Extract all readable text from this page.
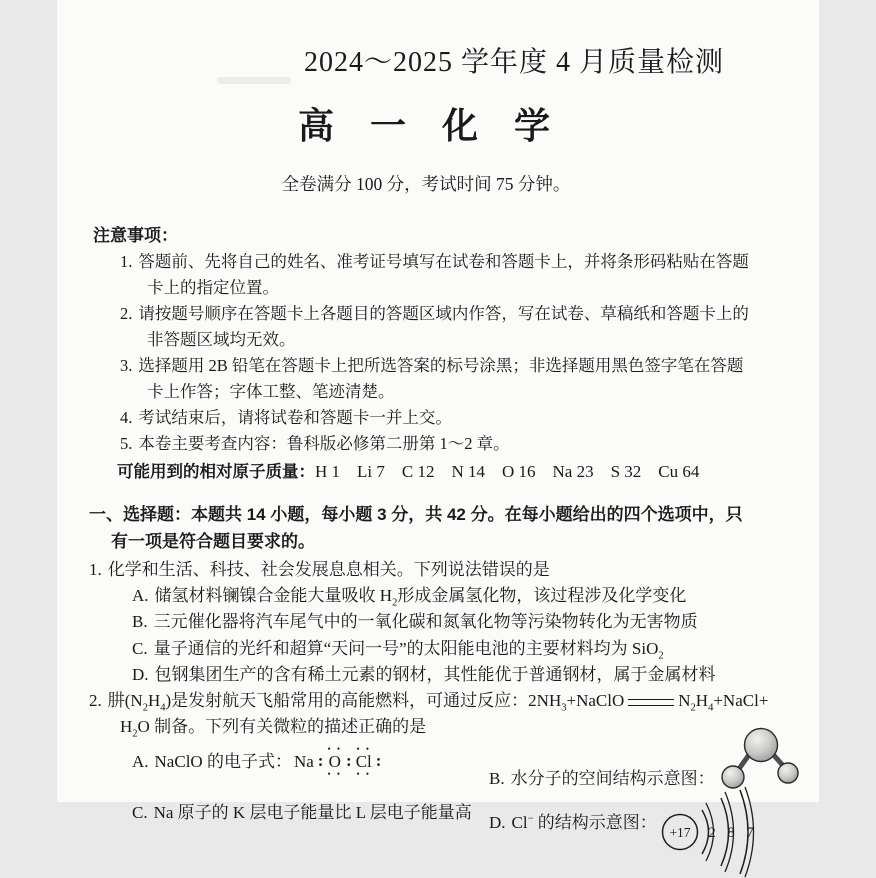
2024～2025 学年度 4 月质量检测
高　一　化　学
全卷满分 100 分，考试时间 75 分钟。
注意事项：
1. 答题前、先将自己的姓名、准考证号填写在试卷和答题卡上，并将条形码粘贴在答题卡上的指定位置。
2. 请按题号顺序在答题卡上各题目的答题区域内作答，写在试卷、草稿纸和答题卡上的非答题区域均无效。
3. 选择题用 2B 铅笔在答题卡上把所选答案的标号涂黑；非选择题用黑色签字笔在答题卡上作答；字体工整、笔迹清楚。
4. 考试结束后，请将试卷和答题卡一并上交。
5. 本卷主要考查内容：鲁科版必修第二册第 1～2 章。
可能用到的相对原子质量：H 1　Li 7　C 12　N 14　O 16　Na 23　S 32　Cu 64
一、选择题：本题共 14 小题，每小题 3 分，共 42 分。在每小题给出的四个选项中，只有一项是符合题目要求的。
1. 化学和生活、科技、社会发展息息相关。下列说法错误的是
A. 储氢材料镧镍合金能大量吸收 $H_2$形成金属氢化物，该过程涉及化学变化
B. 三元催化器将汽车尾气中的一氧化碳和氮氧化物等污染物转化为无害物质
C. 量子通信的光纤和超算“天问一号”的太阳能电池的主要材料均为 SiO$_2$
D. 包钢集团生产的含有稀土元素的钢材，其性能优于普通钢材，属于金属材料
2. 肼$(N_2H_4)$是发射航天飞船常用的高能燃料，可通过反应：$2NH_3+NaClO$	$N_2H_4+NaCl+$
$H_2O$ 制备。下列有关微粒的描述正确的是
A. NaClO 的电子式： Na :
• •
O
• •
:
• •
Cl
• •
:
B. 水分子的空间结构示意图：
C. Na 原子的 K 层电子能量比 L 层电子能量高
D. Cl− 的结构示意图：
+17 2 8 7
